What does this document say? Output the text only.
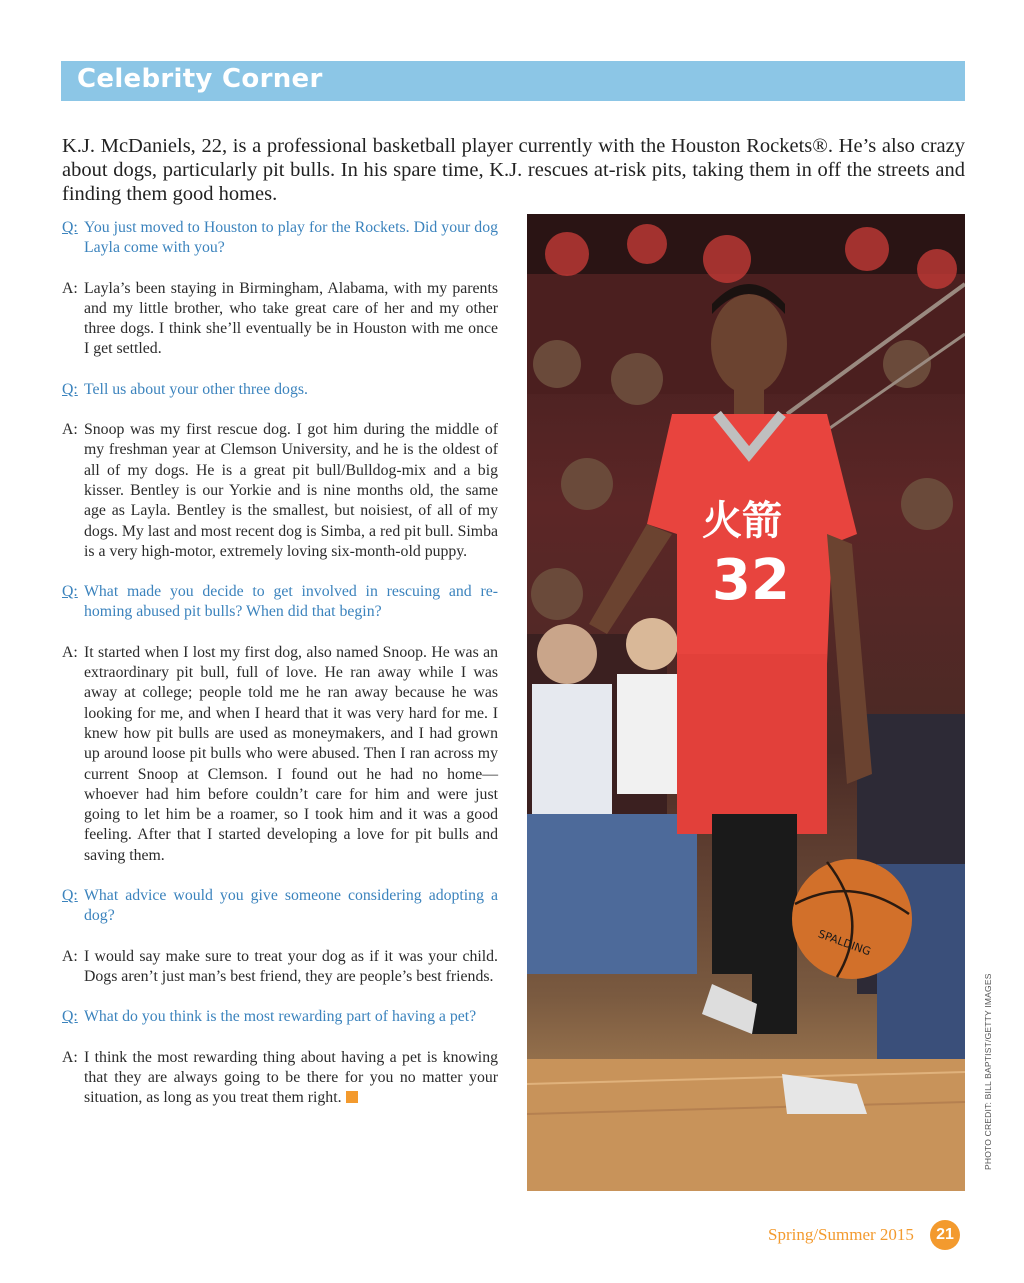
Celebrity Corner

K.J. McDaniels, 22, is a professional basketball player currently with the Houston Rockets®. He’s also crazy about dogs, particularly pit bulls. In his spare time, K.J. rescues at-risk pits, taking them in off the streets and finding them good homes.

Q: You just moved to Houston to play for the Rockets. Did your dog Layla come with you?

A: Layla’s been staying in Birmingham, Alabama, with my parents and my little brother, who take great care of her and my other three dogs. I think she’ll eventually be in Houston with me once I get settled.

Q: Tell us about your other three dogs.

A: Snoop was my first rescue dog. I got him during the middle of my freshman year at Clemson University, and he is the oldest of all of my dogs. He is a great pit bull/Bulldog-mix and a big kisser. Bentley is our Yorkie and is nine months old, the same age as Layla. Bentley is the smallest, but noisiest, of all of my dogs. My last and most recent dog is Simba, a red pit bull. Simba is a very high-motor, extremely loving six-month-old puppy.

Q: What made you decide to get involved in rescuing and re-homing abused pit bulls? When did that begin?

A: It started when I lost my first dog, also named Snoop. He was an extraordinary pit bull, full of love. He ran away while I was away at college; people told me he ran away because he was looking for me, and when I heard that it was very hard for me. I knew how pit bulls are used as moneymakers, and I had grown up around loose pit bulls who were abused. Then I ran across my current Snoop at Clemson. I found out he had no home—whoever had him before couldn’t care for him and were just going to let him be a roamer, so I took him and it was a good feeling. After that I started developing a love for pit bulls and saving them.

Q: What advice would you give someone considering adopting a dog?

A: I would say make sure to treat your dog as if it was your child. Dogs aren’t just man’s best friend, they are people’s best friends.

Q: What do you think is the most rewarding part of having a pet?

A: I think the most rewarding thing about having a pet is knowing that they are always going to be there for you no matter your situation, as long as you treat them right.

火箭
32
SPALDING
PHOTO CREDIT: BILL BAPTIST/GETTY IMAGES
Spring/Summer 2015	21
